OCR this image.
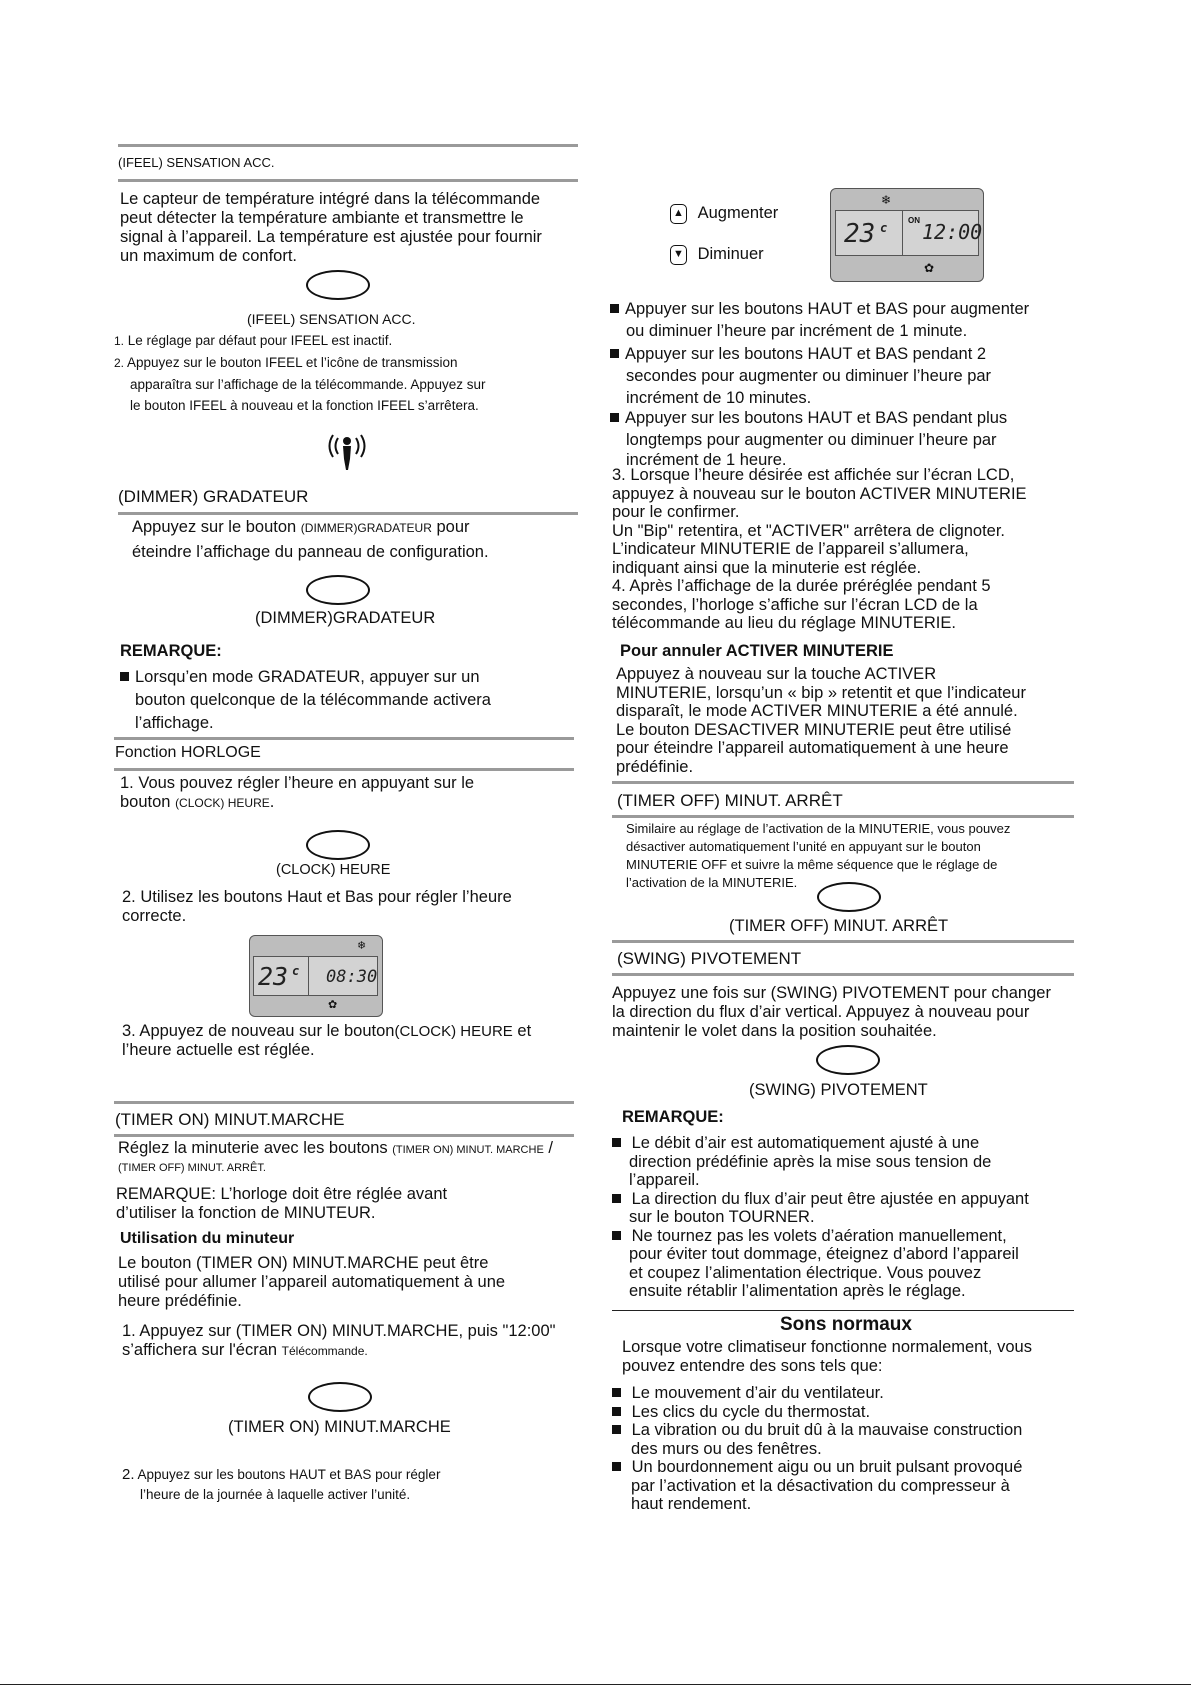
(IFEEL) SENSATION ACC.
Le capteur de température intégré dans la télécommande
peut détecter la température ambiante et transmettre le
signal à l’appareil. La température est ajustée pour fournir
un maximum de confort.
(IFEEL) SENSATION ACC.
1. Le réglage par défaut pour IFEEL est inactif.
2. Appuyez sur le bouton IFEEL et l’icône de transmission
apparaîtra sur l’affichage de la télécommande. Appuyez sur
le bouton IFEEL à nouveau et la fonction IFEEL s’arrêtera.
(DIMMER) GRADATEUR
Appuyez sur le bouton (DIMMER)GRADATEUR pour
éteindre l’affichage du panneau de configuration.
(DIMMER)GRADATEUR
REMARQUE:
Lorsqu’en mode GRADATEUR, appuyer sur un
bouton quelconque de la télécommande activera
l’affichage.
Fonction HORLOGE
1. Vous pouvez régler l’heure en appuyant sur le
bouton (CLOCK) HEURE.
(CLOCK) HEURE
2. Utilisez les boutons Haut et Bas pour régler l’heure
correcte.
❄
23 c 08:30
✿
3. Appuyez de nouveau sur le bouton(CLOCK) HEURE et
l’heure actuelle est réglée.
(TIMER ON) MINUT.MARCHE
Réglez la minuterie avec les boutons (TIMER ON) MINUT. MARCHE /
(TIMER OFF) MINUT. ARRÊT.
REMARQUE: L’horloge doit être réglée avant
d’utiliser la fonction de MINUTEUR.
Utilisation du minuteur
Le bouton (TIMER ON) MINUT.MARCHE peut être
utilisé pour allumer l’appareil automatiquement à une
heure prédéfinie.
1. Appuyez sur (TIMER ON) MINUT.MARCHE, puis "12:00"
s’affichera sur l'écran Télécommande.
(TIMER ON) MINUT.MARCHE
2. Appuyez sur les boutons HAUT et BAS pour régler
l’heure de la journée à laquelle activer l’unité.
▲ Augmenter
▼ Diminuer
❄
23 c
ON 12:00
✿
Appuyer sur les boutons HAUT et BAS pour augmenter
ou diminuer l’heure par incrément de 1 minute.
Appuyer sur les boutons HAUT et BAS pendant 2
secondes pour augmenter ou diminuer l’heure par
incrément de 10 minutes.
Appuyer sur les boutons HAUT et BAS pendant plus
longtemps pour augmenter ou diminuer l’heure par
incrément de 1 heure.
3. Lorsque l’heure désirée est affichée sur l’écran LCD,
appuyez à nouveau sur le bouton ACTIVER MINUTERIE
pour le confirmer.
Un "Bip" retentira, et "ACTIVER" arrêtera de clignoter.
L’indicateur MINUTERIE de l’appareil s’allumera,
indiquant ainsi que la minuterie est réglée.
4. Après l’affichage de la durée préréglée pendant 5
secondes, l’horloge s’affiche sur l’écran LCD de la
télécommande au lieu du réglage MINUTERIE.
Pour annuler ACTIVER MINUTERIE
Appuyez à nouveau sur la touche ACTIVER
MINUTERIE, lorsqu’un « bip » retentit et que l’indicateur
disparaît, le mode ACTIVER MINUTERIE a été annulé.
Le bouton DESACTIVER MINUTERIE peut être utilisé
pour éteindre l’appareil automatiquement à une heure
prédéfinie.
(TIMER OFF) MINUT. ARRÊT
Similaire au réglage de l’activation de la MINUTERIE, vous pouvez
désactiver automatiquement l’unité en appuyant sur le bouton
MINUTERIE OFF et suivre la même séquence que le réglage de
l’activation de la MINUTERIE.
(TIMER OFF) MINUT. ARRÊT
(SWING) PIVOTEMENT
Appuyez une fois sur (SWING) PIVOTEMENT pour changer
la direction du flux d’air vertical. Appuyez à nouveau pour
maintenir le volet dans la position souhaitée.
(SWING) PIVOTEMENT
REMARQUE:
Le débit d’air est automatiquement ajusté à une
direction prédéfinie après la mise sous tension de
l’appareil.
La direction du flux d’air peut être ajustée en appuyant
sur le bouton TOURNER.
Ne tournez pas les volets d’aération manuellement,
pour éviter tout dommage, éteignez d’abord l’appareil
et coupez l’alimentation électrique. Vous pouvez
ensuite rétablir l’alimentation après le réglage.
Sons normaux
Lorsque votre climatiseur fonctionne normalement, vous
pouvez entendre des sons tels que:
Le mouvement d’air du ventilateur.
Les clics du cycle du thermostat.
La vibration ou du bruit dû à la mauvaise construction
des murs ou des fenêtres.
Un bourdonnement aigu ou un bruit pulsant provoqué
par l’activation et la désactivation du compresseur à
haut rendement.
